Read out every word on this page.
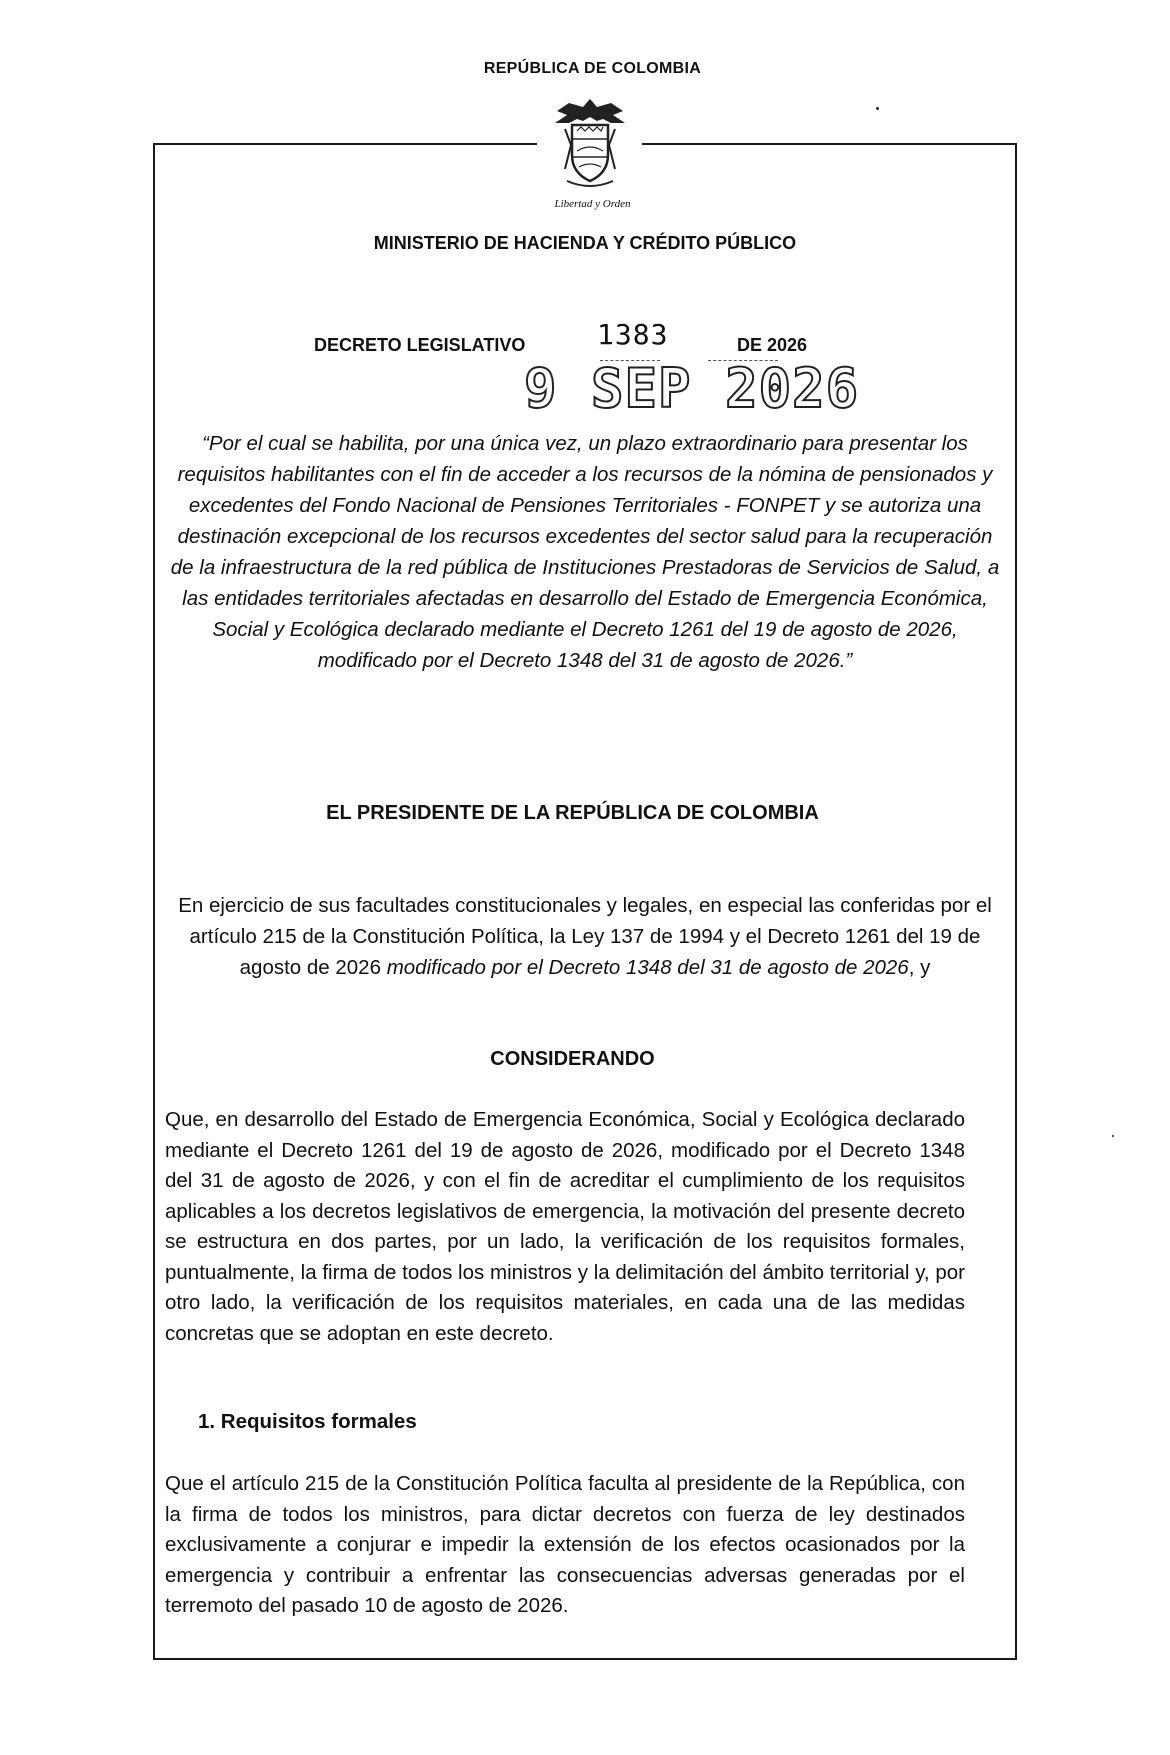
REPÚBLICA DE COLOMBIA
Libertad y Orden
MINISTERIO DE HACIENDA Y CRÉDITO PÚBLICO
DECRETO LEGISLATIVO	1383	DE 2026
9 SEP 2026
“Por el cual se habilita, por una única vez, un plazo extraordinario para presentar los requisitos habilitantes con el fin de acceder a los recursos de la nómina de pensionados y excedentes del Fondo Nacional de Pensiones Territoriales - FONPET y se autoriza una destinación excepcional de los recursos excedentes del sector salud para la recuperación de la infraestructura de la red pública de Instituciones Prestadoras de Servicios de Salud, a las entidades territoriales afectadas en desarrollo del Estado de Emergencia Económica, Social y Ecológica declarado mediante el Decreto 1261 del 19 de agosto de 2026, modificado por el Decreto 1348 del 31 de agosto de 2026.”
EL PRESIDENTE DE LA REPÚBLICA DE COLOMBIA
En ejercicio de sus facultades constitucionales y legales, en especial las conferidas por el artículo 215 de la Constitución Política, la Ley 137 de 1994 y el Decreto 1261 del 19 de agosto de 2026 modificado por el Decreto 1348 del 31 de agosto de 2026, y
CONSIDERANDO
Que, en desarrollo del Estado de Emergencia Económica, Social y Ecológica declarado mediante el Decreto 1261 del 19 de agosto de 2026, modificado por el Decreto 1348 del 31 de agosto de 2026, y con el fin de acreditar el cumplimiento de los requisitos aplicables a los decretos legislativos de emergencia, la motivación del presente decreto se estructura en dos partes, por un lado, la verificación de los requisitos formales, puntualmente, la firma de todos los ministros y la delimitación del ámbito territorial y, por otro lado, la verificación de los requisitos materiales, en cada una de las medidas concretas que se adoptan en este decreto.
1. Requisitos formales
Que el artículo 215 de la Constitución Política faculta al presidente de la República, con la firma de todos los ministros, para dictar decretos con fuerza de ley destinados exclusivamente a conjurar e impedir la extensión de los efectos ocasionados por la emergencia y contribuir a enfrentar las consecuencias adversas generadas por el terremoto del pasado 10 de agosto de 2026.
